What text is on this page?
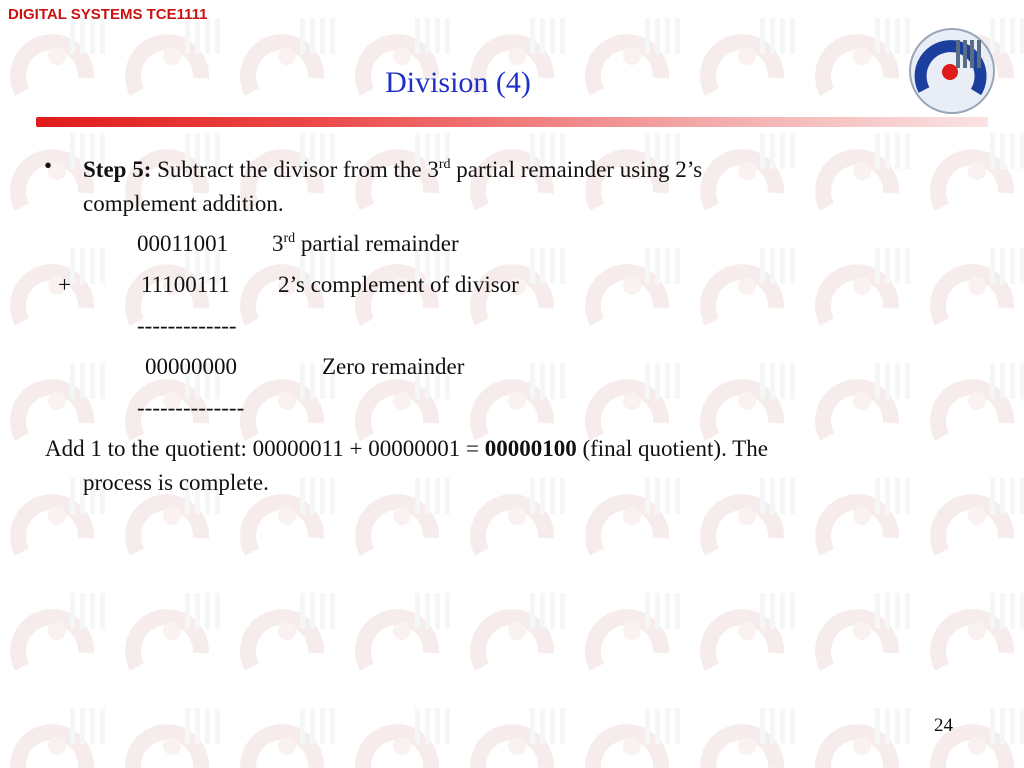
DIGITAL SYSTEMS TCE1111
Division (4)
• Step 5: Subtract the divisor from the 3rd partial remainder using 2’s
complement addition.
00011001 3rd partial remainder
+	11100111 2’s complement of divisor
-------------
00000000	Zero remainder
--------------
Add 1 to the quotient: 00000011 + 00000001 = 00000100 (final quotient). The
process is complete.
24
